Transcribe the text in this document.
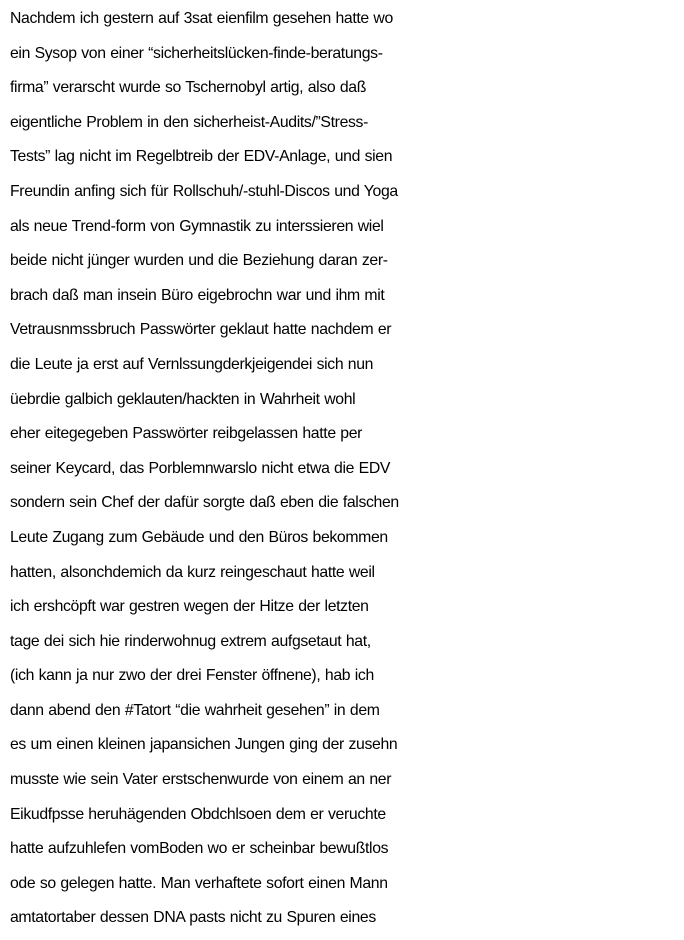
Nachdem ich gestern auf 3sat eienfilm gesehen hatte wo
ein Sysop von einer “sicherheitslücken-finde-beratungs-
firma” verarscht wurde so Tschernobyl artig, also daß
eigentliche Problem in den sicherheist-Audits/”Stress-
Tests” lag nicht im Regelbtreib der EDV-Anlage, und sien
Freundin anfing sich für Rollschuh/-stuhl-Discos und Yoga
als neue Trend-form von Gymnastik zu interssieren wiel
beide nicht jünger wurden und die Beziehung daran zer-
brach daß man insein Büro eigebrochn war und ihm mit
Vetrausnmssbruch Passwörter geklaut hatte nachdem er
die Leute ja erst auf Vernlssungderkjeigendei sich nun
üebrdie galbich geklauten/hackten in Wahrheit wohl
eher eitegegeben Passwörter reibgelassen hatte per
seiner Keycard, das Porblemnwarslo nicht etwa die EDV
sondern sein Chef der dafür sorgte daß eben die falschen
Leute Zugang zum Gebäude und den Büros bekommen
hatten, alsonchdemich da kurz reingeschaut hatte weil
ich ershcöpft war gestren wegen der Hitze der letzten
tage dei sich hie rinderwohnug extrem aufgsetaut hat,
(ich kann ja nur zwo der drei Fenster öffnene), hab ich
dann abend den #Tatort “die wahrheit gesehen” in dem
es um einen kleinen japansichen Jungen ging der zusehn
musste wie sein Vater erstschenwurde von einem an ner
Eikudfpsse heruhägenden Obdchlsoen dem er veruchte
hatte aufzuhlefen vomBoden wo er scheinbar bewußtlos
ode so gelegen hatte. Man verhaftete sofort einen Mann
amtatortaber dessen DNA pasts nicht zu Spuren eines
